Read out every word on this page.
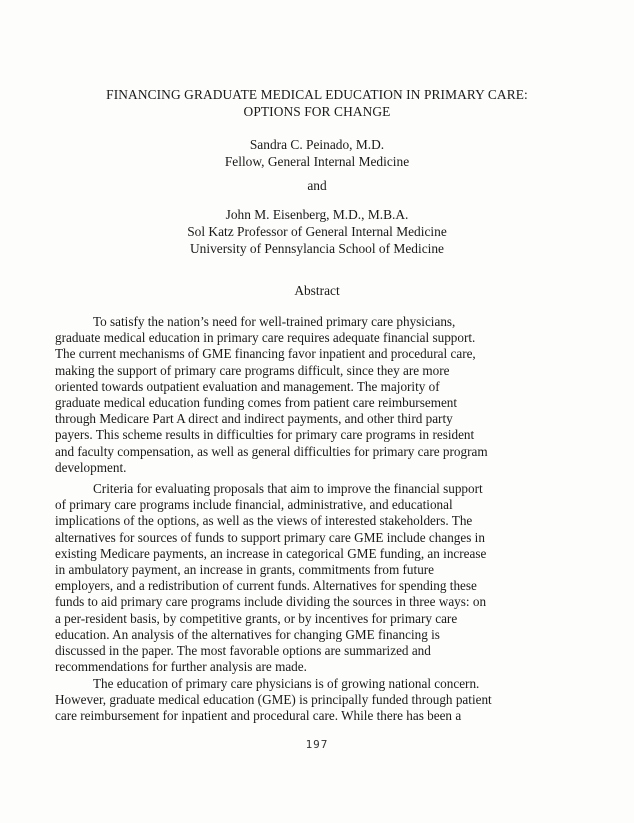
FINANCING GRADUATE MEDICAL EDUCATION IN PRIMARY CARE:
OPTIONS FOR CHANGE
Sandra C. Peinado, M.D.
Fellow, General Internal Medicine
and
John M. Eisenberg, M.D., M.B.A.
Sol Katz Professor of General Internal Medicine
University of Pennsylancia School of Medicine
Abstract
To satisfy the nation’s need for well-trained primary care physicians,
graduate medical education in primary care requires adequate financial support.
The current mechanisms of GME financing favor inpatient and procedural care,
making the support of primary care programs difficult, since they are more
oriented towards outpatient evaluation and management. The majority of
graduate medical education funding comes from patient care reimbursement
through Medicare Part A direct and indirect payments, and other third party
payers. This scheme results in difficulties for primary care programs in resident
and faculty compensation, as well as general difficulties for primary care program
development.
Criteria for evaluating proposals that aim to improve the financial support
of primary care programs include financial, administrative, and educational
implications of the options, as well as the views of interested stakeholders. The
alternatives for sources of funds to support primary care GME include changes in
existing Medicare payments, an increase in categorical GME funding, an increase
in ambulatory payment, an increase in grants, commitments from future
employers, and a redistribution of current funds. Alternatives for spending these
funds to aid primary care programs include dividing the sources in three ways: on
a per-resident basis, by competitive grants, or by incentives for primary care
education. An analysis of the alternatives for changing GME financing is
discussed in the paper. The most favorable options are summarized and
recommendations for further analysis are made.
The education of primary care physicians is of growing national concern.
However, graduate medical education (GME) is principally funded through patient
care reimbursement for inpatient and procedural care. While there has been a
197
